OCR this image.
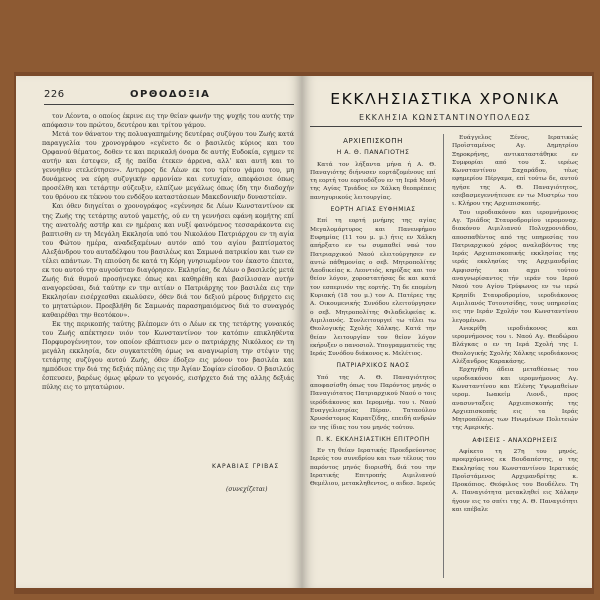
226	ΟΡΘΟΔΟΞΙΑ

τον Λέοντα, ο οποίος έκρινε εις την θείαν φωνήν της ψυχής του αυτής την απόφασιν του πρώτου, δευτέρου και τρίτου γάμου.

Μετά τον θάνατον της πολυαγαπημένης δευτέρας συζύγου του Ζωής κατά παραγγελία του χρονογράφου «εγένετο δε ο βασιλεύς κύριος και του Ορφανού θέματος, δοθεν τε και περικαλή όνομα δε αυτής Ευδοκία, εγημεν τε αυτήν και έστεψεν, εξ ής παίδα έτεκεν άρρενα, αλλ' και αυτή και το γεννηθεν ετελεύτησεν». Αντιρρος δε Λέων εκ του τρίτου γάμου του, μη δυνάμενος να εύρη συζυγικήν αρμονίαν και ευτυχίαν, απεφάσισε όπως προσέλθη και τετάρτην σύζευξιν, ελπίζων μεγάλως όπως ίδη την διαδοχήν του θρόνου εκ τέκνου του ενδόξου καταστάσεων Μακεδονικήν δυναστείαν.

Και όθεν διηγείται ο χρονογράφος «εγέννησε δε Λέων Κωνσταντίνον εκ της Ζωής της τετάρτης αυτού γαμετής, ού εν τη γεννήσει εφάνη κομήτης επί της ανατολής αστήρ και εν ημέραις και νυξί φαινόμενος τεσσαράκοντα εις βαπτισθη εν τη Μεγάλη Εκκλησία υπό του Νικολάου Πατριάρχου εν τη αγία του Φώτου ημέρα, αναδεξαμένων αυτόν από του αγίου βαπτίσματος Αλεξάνδρου του αυταδέλφου του βασιλέως και Σαμωνά πατρικίου και των εν τέλει απάντων. Τη επιούση δε κατά τη Κόρη γνησιωμένον τον έκαστο έπειτα, εκ του αυτού την αυγούσταν διαγόρησεν. Εκλησίας, δε Λέων ο βασιλεύς μετά Ζωής διά θυμού προσήνεγκε όπως και καθηρέθη και βασίλισσαν αυτήν αναγορεύσαι, διά ταύτην εν την αιτίαν ο Πατριάρχης τον βασιλέα εις την Εκκλησίαν εισέρχεσθαι εκωλύσεν, όθεν διά τον δεξιού μέρους διήρχετο εις το μητατώριον. Προεβλήθη δε Σαμωνάς παρασημαιόμενος διά το συναγρός καθαιρέθαι την θεοτόκον».

Εκ της περικοπής ταύτης βλέπομεν ότι ο Λέων εκ της τετάρτης γυναικός του Ζωής απέκτησεν υιόν τον Κωνσταντίνον τον κατόπιν επικληθέντα Πορφυρογέννητον, τον οποίον εβάπτισεν μεν ο πατριάρχης Νικόλαος εν τη μεγάλη εκκλησία, δεν συγκατετέθη όμως να αναγνωρίση την στέψιν της τετάρτης συζύγου αυτού Ζωής, όθεν έδοξεν εις μόνον τον βασιλέα και ημπόδισε την διά της δεξιάς πύλης εις την Άγίαν Σοφίαν είσοδον. Ο βασιλεύς έσπευσεν, βαρέως όμως φέρων το γεγονός, εισήρχετο διά της αλλης δεξιάς πύλης εις το μητατώριον.

ΚΑΡΑΒΙΑΣ ΓΡΙΒΑΣ
(συνεχίζεται)
ΕΚΚΛΗΣΙΑΣΤΙΚΑ ΧΡΟΝΙΚΑ
ΕΚΚΛΗΣΙΑ ΚΩΝΣΤΑΝΤΙΝΟΥΠΟΛΕΩΣ
ΑΡΧΙΕΠΙΣΚΟΠΗ
Η Α. Θ. ΠΑΝΑΓΙΟΤΗΣ

Κατά τον λήξαντα μήνα ή Α. Θ. Παναγιότης διήνυσεν εορτάζομένους επί τη εορτή του εορτοδόξου εν τη Ιερά Μονή της Αγίας Τριάδος εν Χάλκη θεοπρέπεις πανηγυρικούς λειτουργίας.

ΕΟΡΤΗ ΑΓΙΑΣ ΕΥΦΗΜΙΑΣ

Επί τη εορτή μνήμης της αγίας Μεγαλομάρτυρος και Πανευφήμου Ευφημίας (11 του μ. μ.) ήτις εν Χάλκη απήρξατο εν τω συμπαθεί ναώ του Πατριαρχικού Ναού ελειτούργησεν εν αυτώ πάθημονίας ο σεβ. Μητροπολίτης Λαοδικείας κ. Λεοντιός, κηρύξας και τον θείον λόγον, χοροστατήσας δε και κατά τον εσπερινόν της εορτής. Τη δε επομένη Κυριακή (18 του μ.) τον Α. Πατέρες της Α. Οικουμενικής Συνόδου ελειτούργησεν ο σεβ. Μητροπολίτης Φιλαδελφείας κ. Αιμιλιανός. Συνλειτουργεί τω τέλει τω Θεολογικής Σχολής Χάλκης. Κατά την θείαν λειτουργίαν τον θείον λόγον εκήρυξεν ο πανοσιολ. Υπογραμματεύς της Ιεράς Συνόδου διάκονος κ. Μελέτιος.

ΠΑΤΡΙΑΡΧΙΚΟΣ ΝΑΟΣ

Υπό της Α. Θ. Παναγιότητος αποφασίσθη όπως του Παρόντος μηνός ο Παναγιότατος Πατριαρχικού Ναού ο τοις ιερόδιάκονος και Ιερομνήμ. του ι. Ναού Ευαγγελιστρίας Πέραν. Ταταούλου Χρυσόστομος Καρατζίδης, επειδή ανδρών εν της ίδιας του του μηνός τούτου.

Π. Κ. ΕΚΚΛΗΣΙΑΣΤΙΚΗ ΕΠΙΤΡΟΠΗ

Εν τη θείαν Ιερατικής Προεδρεύοντος Ιερεύς του συνεδρίου και των τέλους του παρόντος μηνός διορισθή, διά του την Ιερατικής Επιτροπής Αιμιλιανού Θεμέλιου, μετακληθεντος, ο αιδεσ. Ιερεύς

Ευάγγελος Ξένος, Ιερατικώς Προϊσταμένος Αγ. Δημητρίου Ξηροκρήνης, αντικαταστάθηκε εν Συμφορίαι από του Σ. ιερέως Κωνσταντίνου Σαχαράδου, τέως εφημερίου Πέργαμα, επί τούτω δε, αυτού ηγήσε της Α. Θ. Παναγιότητος, εσεβασμεγεννήτευσε εν τω Μυστρίω του ι. Κλήρου της Αρχιεπισκοπής.

Του ιεροδιακόνου και ιερομνήμονος Αγ. Τριάδος Σταυροδρομίου ιερομοναχ. διακόνου Αιμιλιανού Πολυχρονιάδου, αποσπαθέντος από της υπηρεσίας του Πατριαρχικού χόρος αναλαβόντος της Ιεράς Αρχιεπισκοπικής εκκλησίας της ιεράς εκκλησίας της Αρχιμανδρίας Αμφισσής και αχρι τούτου αναγνωρίσαντος τήν ιεράν του Ιερού Ναού του Αγίου Τρύφωνος εν τω ιερώ Κρηπίδι Σταυροδρομίου, ιεροδιάκονος Αιμιλιανός Τοτουτσίδης, τους υπηρεσίας εις την Ιεράν Σχολήν του Κωνσταντίνου λεγομένων.

Ανεκρίθη ιεροδιάκονος και ιερομνήμονος του ι. Ναού Αγ. Θεοδώρου Βλάγκας ο εν τη Ιερά Σχολή της Ι. Θεολογικής Σχολής Χάλκης ιεροδιάκονος Αλέξανδρος Καρακάσης.

Ερχηγήθη άδεια μεταθέσεως του ιεροδιακόνου και ιερομνήμονος Αγ. Κωνσταντίνου και Ελένης Υψωμαθείων ιερομ. Ιωακείμ Λιονδ., προς ανασυνταξεις Αρχιεπισκοπής της Αρχιεπισκοπής εις τα Ιεράς Μητροπόλεως των Ηνωμένων Πολιτειών της Αμερικής.

ΑΦΙΣΕΙΣ - ΑΝΑΧΩΡΗΣΕΙΣ

Αφίκετο τη 27η του μηνός, προερχόμενος εκ Βουδαπέστης, ο της Εκκλησίας του Κωνσταντίνου Ιερατικός Προϊστάμενος Αρχιμανδρίτης κ. Προκόπιος. Θεόφιλος του Βουδέλευ. Τη Α. Παναγιότητα μετακληθεί εις Χάλκην ήγουν εις το σπίτι της Α. Θ. Παναγιότητι και επέβαλε
